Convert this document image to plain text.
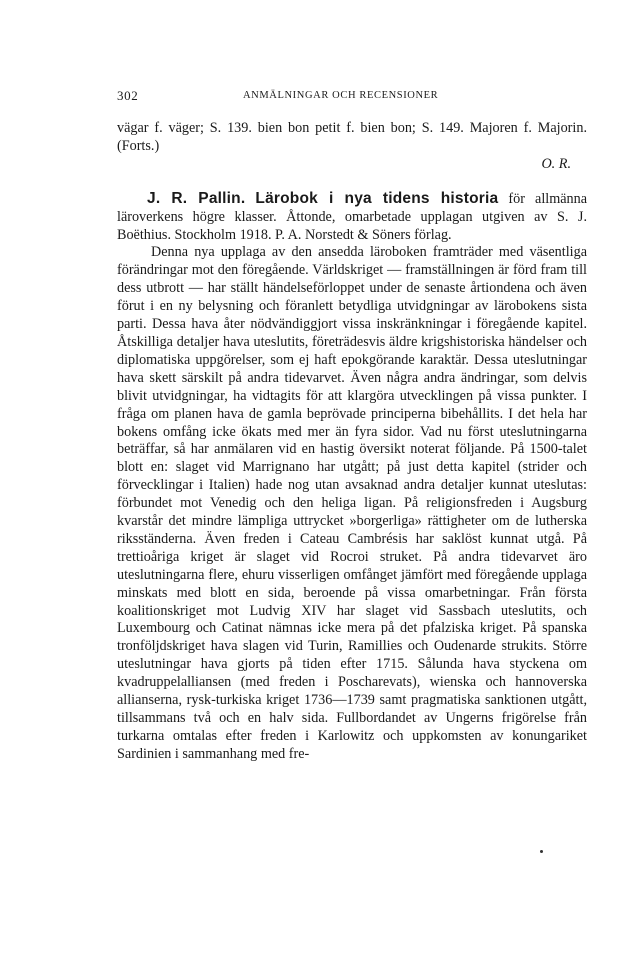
302	ANMÄLNINGAR OCH RECENSIONER

vägar f. väger; S. 139. bien bon petit f. bien bon; S. 149. Majoren f. Majorin. (Forts.)

O. R.

J. R. Pallin. Lärobok i nya tidens historia för allmänna läroverkens högre klasser. Åttonde, omarbetade upplagan utgiven av S. J. Boëthius. Stockholm 1918. P. A. Norstedt & Söners förlag.

Denna nya upplaga av den ansedda läroboken framträder med väsentliga förändringar mot den föregående. Världskriget — framställningen är förd fram till dess utbrott — har ställt händelseförloppet under de senaste årtiondena och även förut i en ny belysning och föranlett betydliga utvidgningar av lärobokens sista parti. Dessa hava åter nödvändiggjort vissa inskränkningar i föregående kapitel. Åtskilliga detaljer hava uteslutits, företrädesvis äldre krigshistoriska händelser och diplomatiska uppgörelser, som ej haft epokgörande karaktär. Dessa uteslutningar hava skett särskilt på andra tidevarvet. Även några andra ändringar, som delvis blivit utvidgningar, ha vidtagits för att klargöra utvecklingen på vissa punkter. I fråga om planen hava de gamla beprövade principerna bibehållits. I det hela har bokens omfång icke ökats med mer än fyra sidor. Vad nu först uteslutningarna beträffar, så har anmälaren vid en hastig översikt noterat följande. På 1500-talet blott en: slaget vid Marrignano har utgått; på just detta kapitel (strider och förvecklingar i Italien) hade nog utan avsaknad andra detaljer kunnat uteslutas: förbundet mot Venedig och den heliga ligan. På religionsfreden i Augsburg kvarstår det mindre lämpliga uttrycket »borgerliga» rättigheter om de lutherska riksständerna. Även freden i Cateau Cambrésis har saklöst kunnat utgå. På trettioåriga kriget är slaget vid Rocroi struket. På andra tidevarvet äro uteslutningarna flere, ehuru visserligen omfånget jämfört med föregående upplaga minskats med blott en sida, beroende på vissa omarbetningar. Från första koalitionskriget mot Ludvig XIV har slaget vid Sassbach uteslutits, och Luxembourg och Catinat nämnas icke mera på det pfalziska kriget. På spanska tronföljdskriget hava slagen vid Turin, Ramillies och Oudenarde strukits. Större uteslutningar hava gjorts på tiden efter 1715. Sålunda hava styckena om kvadruppelalliansen (med freden i Poscharevats), wienska och hannoverska allianserna, rysk-turkiska kriget 1736—1739 samt pragmatiska sanktionen utgått, tillsammans två och en halv sida. Fullbordandet av Ungerns frigörelse från turkarna omtalas efter freden i Karlowitz och uppkomsten av konungariket Sardinien i sammanhang med fre-
